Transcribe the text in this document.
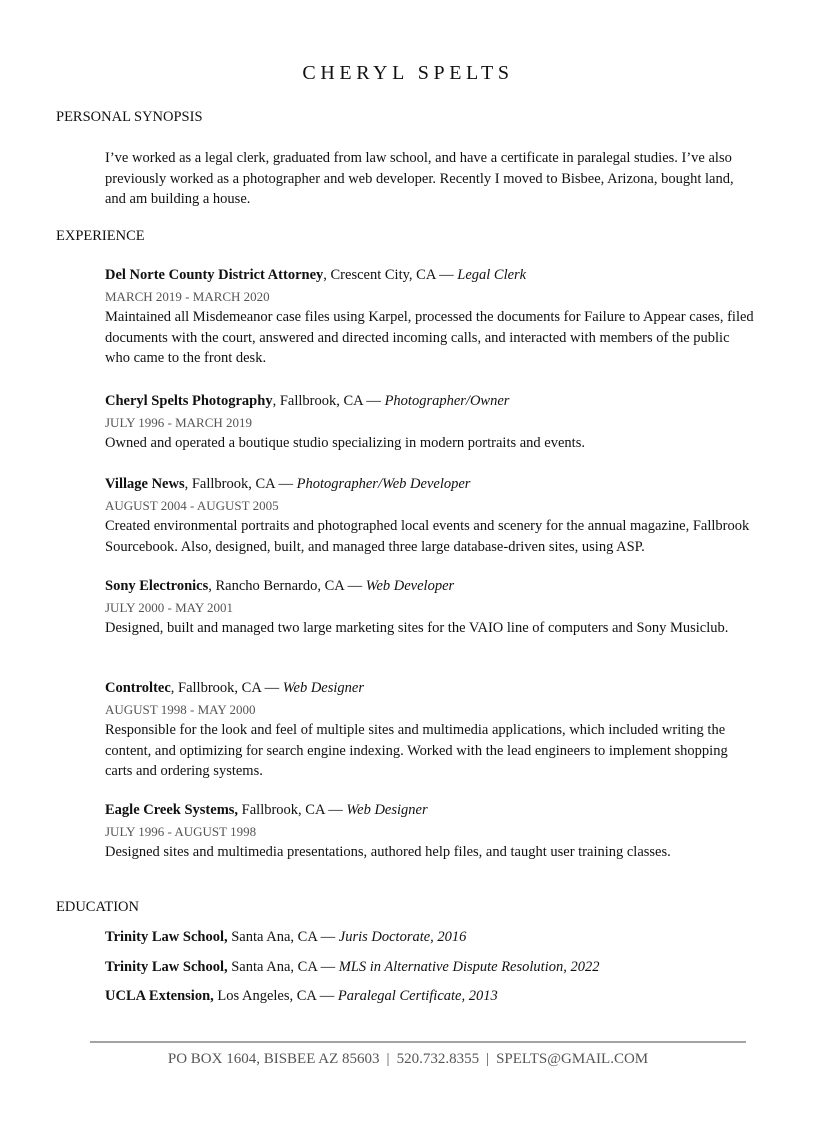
CHERYL SPELTS
PERSONAL SYNOPSIS
I’ve worked as a legal clerk, graduated from law school, and have a certificate in paralegal studies. I’ve also previously worked as a photographer and web developer. Recently I moved to Bisbee, Arizona, bought land, and am building a house.
EXPERIENCE
Del Norte County District Attorney, Crescent City, CA — Legal Clerk
MARCH 2019 - MARCH 2020
Maintained all Misdemeanor case files using Karpel, processed the documents for Failure to Appear cases, filed documents with the court, answered and directed incoming calls, and interacted with members of the public who came to the front desk.
Cheryl Spelts Photography, Fallbrook, CA — Photographer/Owner
JULY 1996 - MARCH 2019
Owned and operated a boutique studio specializing in modern portraits and events.
Village News, Fallbrook, CA — Photographer/Web Developer
AUGUST 2004 - AUGUST 2005
Created environmental portraits and photographed local events and scenery for the annual magazine, Fallbrook Sourcebook. Also, designed, built, and managed three large database-driven sites, using ASP.
Sony Electronics, Rancho Bernardo, CA — Web Developer
JULY 2000 - MAY 2001
Designed, built and managed two large marketing sites for the VAIO line of computers and Sony Musiclub.
Controltec, Fallbrook, CA — Web Designer
AUGUST 1998 - MAY 2000
Responsible for the look and feel of multiple sites and multimedia applications, which included writing the content, and optimizing for search engine indexing. Worked with the lead engineers to implement shopping carts and ordering systems.
Eagle Creek Systems, Fallbrook, CA — Web Designer
JULY 1996 - AUGUST 1998
Designed sites and multimedia presentations, authored help files, and taught user training classes.
EDUCATION
Trinity Law School, Santa Ana, CA — Juris Doctorate, 2016
Trinity Law School, Santa Ana, CA — MLS in Alternative Dispute Resolution, 2022
UCLA Extension, Los Angeles, CA — Paralegal Certificate, 2013
PO BOX 1604, BISBEE AZ 85603 | 520.732.8355 | SPELTS@GMAIL.COM
